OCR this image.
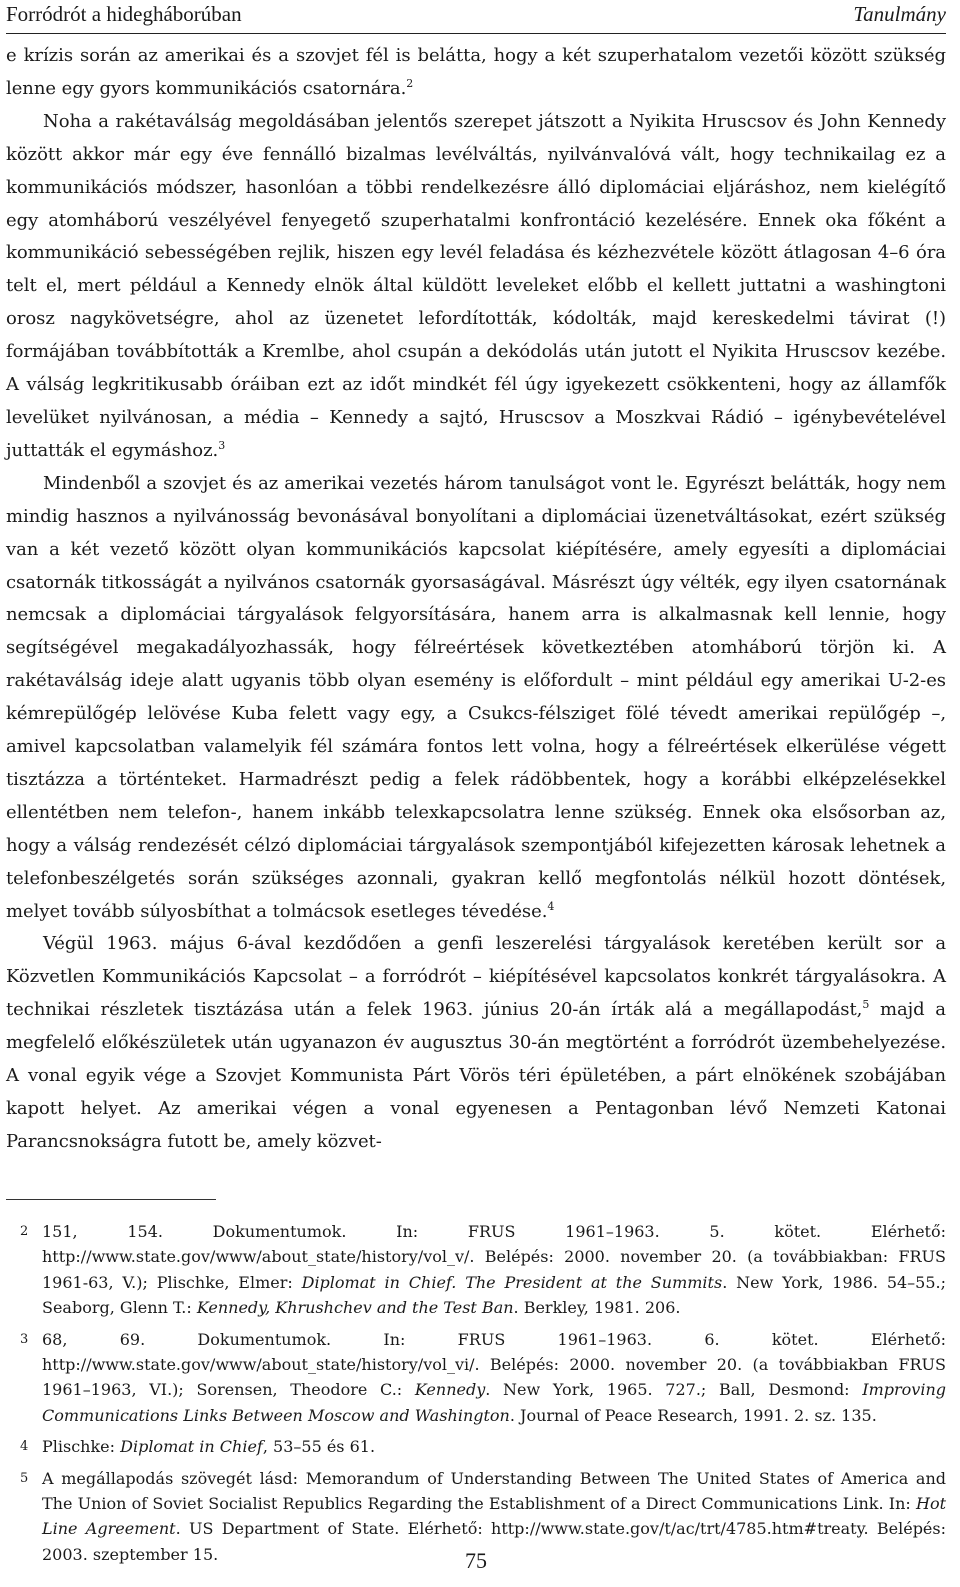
Forródrót a hidegháborúban	Tanulmány

e krízis során az amerikai és a szovjet fél is belátta, hogy a két szuperhatalom vezetői között szükség lenne egy gyors kommunikációs csatornára.$^2$

Noha a rakétaválság megoldásában jelentős szerepet játszott a Nyikita Hruscsov és John Kennedy között akkor már egy éve fennálló bizalmas levélváltás, nyilvánvalóvá vált, hogy technikailag ez a kommunikációs módszer, hasonlóan a többi rendelkezésre álló diplomáciai eljáráshoz, nem kielégítő egy atomháború veszélyével fenyegető szuperhatalmi konfrontáció kezelésére. Ennek oka főként a kommunikáció sebességében rejlik, hiszen egy levél feladása és kézhezvétele között átlagosan 4–6 óra telt el, mert például a Kennedy elnök által küldött leveleket előbb el kellett juttatni a washingtoni orosz nagykövetségre, ahol az üzenetet lefordították, kódolták, majd kereskedelmi távirat (!) formájában továbbították a Kremlbe, ahol csupán a dekódolás után jutott el Nyikita Hruscsov kezébe. A válság legkritikusabb óráiban ezt az időt mindkét fél úgy igyekezett csökkenteni, hogy az államfők levelüket nyilvánosan, a média – Kennedy a sajtó, Hruscsov a Moszkvai Rádió – igénybevételével juttatták el egymáshoz.$^3$

Mindenből a szovjet és az amerikai vezetés három tanulságot vont le. Egyrészt belátták, hogy nem mindig hasznos a nyilvánosság bevonásával bonyolítani a diplomáciai üzenetváltásokat, ezért szükség van a két vezető között olyan kommunikációs kapcsolat kiépítésére, amely egyesíti a diplomáciai csatornák titkosságát a nyilvános csatornák gyorsaságával. Másrészt úgy vélték, egy ilyen csatornának nemcsak a diplomáciai tárgyalások felgyorsítására, hanem arra is alkalmasnak kell lennie, hogy segítségével megakadályozhassák, hogy félreértések következtében atomháború törjön ki. A rakétaválság ideje alatt ugyanis több olyan esemény is előfordult – mint például egy amerikai U-2-es kémrepülőgép lelövése Kuba felett vagy egy, a Csukcs-félsziget fölé tévedt amerikai repülőgép –, amivel kapcsolatban valamelyik fél számára fontos lett volna, hogy a félreértések elkerülése végett tisztázza a történteket. Harmadrészt pedig a felek rádöbbentek, hogy a korábbi elképzelésekkel ellentétben nem telefon-, hanem inkább telexkapcsolatra lenne szükség. Ennek oka elsősorban az, hogy a válság rendezését célzó diplomáciai tárgyalások szempontjából kifejezetten károsak lehetnek a telefonbeszélgetés során szükséges azonnali, gyakran kellő megfontolás nélkül hozott döntések, melyet tovább súlyosbíthat a tolmácsok esetleges tévedése.$^4$

Végül 1963. május 6-ával kezdődően a genfi leszerelési tárgyalások keretében került sor a Közvetlen Kommunikációs Kapcsolat – a forródrót – kiépítésével kapcsolatos konkrét tárgyalásokra. A technikai részletek tisztázása után a felek 1963. június 20-án írták alá a megállapodást,$^5$ majd a megfelelő előkészületek után ugyanazon év augusztus 30-án megtörtént a forródrót üzembehelyezése. A vonal egyik vége a Szovjet Kommunista Párt Vörös téri épületében, a párt elnökének szobájában kapott helyet. Az amerikai végen a vonal egyenesen a Pentagonban lévő Nemzeti Katonai Parancsnokságra futott be, amely közvet-

2 151, 154. Dokumentumok. In: FRUS 1961–1963. 5. kötet. Elérhető: http://www.state.gov/www/about_state/history/vol_v/. Belépés: 2000. november 20. (a továbbiakban: FRUS 1961-63, V.); Plischke, Elmer: Diplomat in Chief. The President at the Summits. New York, 1986. 54–55.; Seaborg, Glenn T.: Kennedy, Khrushchev and the Test Ban. Berkley, 1981. 206.
3 68, 69. Dokumentumok. In: FRUS 1961–1963. 6. kötet. Elérhető: http://www.state.gov/www/about_state/history/vol_vi/. Belépés: 2000. november 20. (a továbbiakban FRUS 1961–1963, VI.); Sorensen, Theodore C.: Kennedy. New York, 1965. 727.; Ball, Desmond: Improving Communications Links Between Moscow and Washington. Journal of Peace Research, 1991. 2. sz. 135.
4 Plischke: Diplomat in Chief, 53–55 és 61.
5 A megállapodás szövegét lásd: Memorandum of Understanding Between The United States of America and The Union of Soviet Socialist Republics Regarding the Establishment of a Direct Communications Link. In: Hot Line Agreement. US Department of State. Elérhető: http://www.state.gov/t/ac/trt/4785.htm#treaty. Belépés: 2003. szeptember 15.	75
